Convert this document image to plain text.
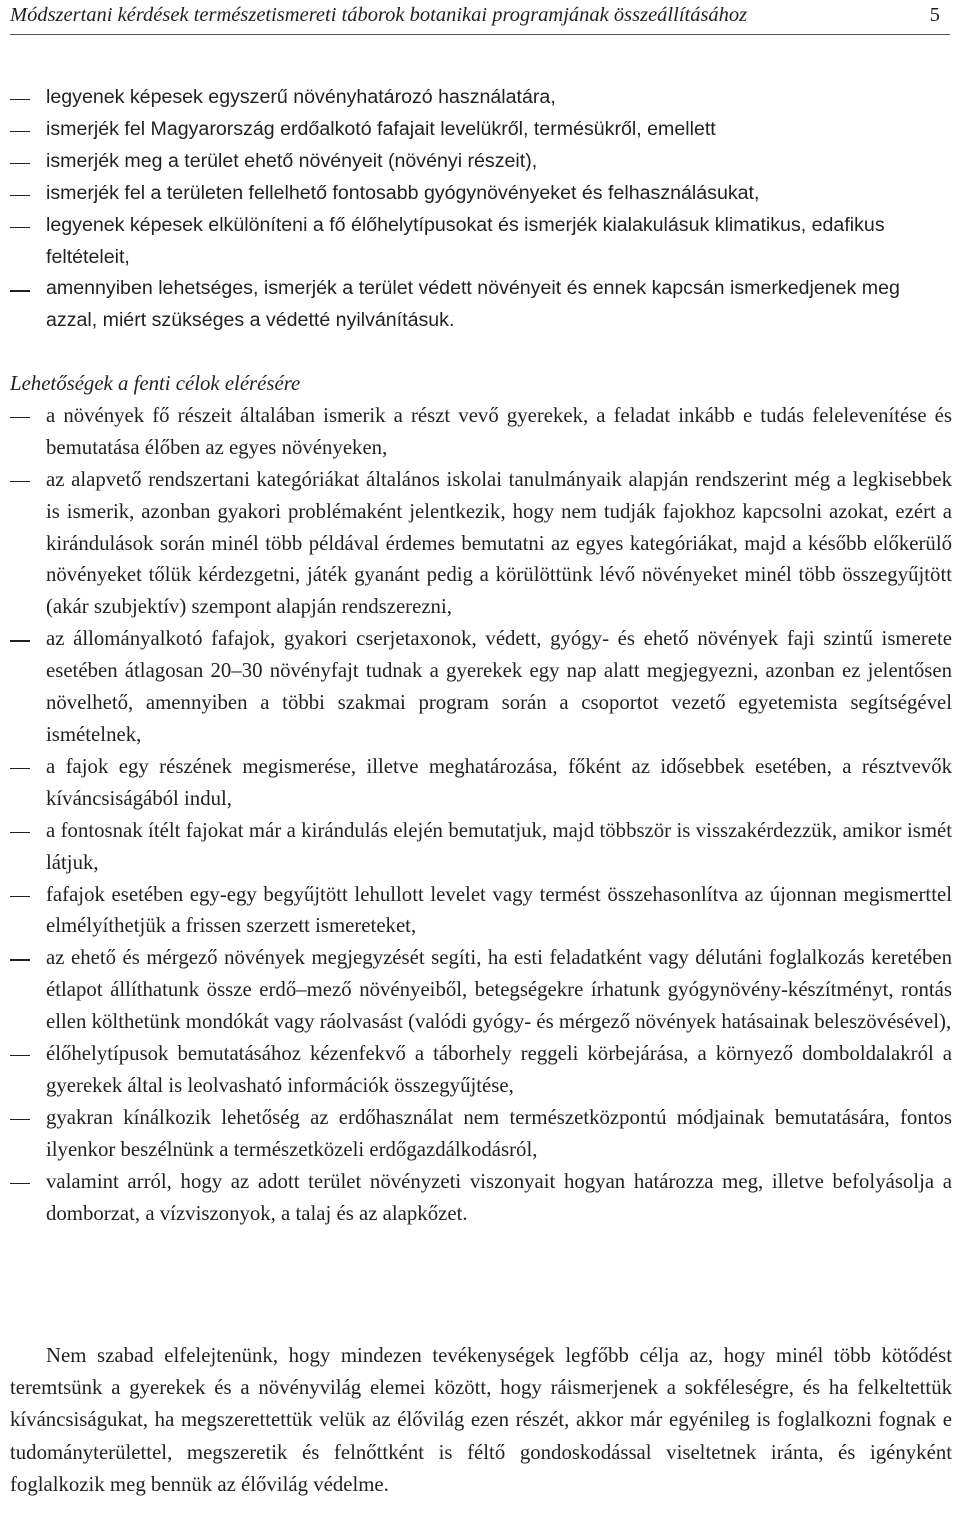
Módszertani kérdések természetismereti táborok botanikai programjának összeállításához	5
legyenek képesek egyszerű növényhatározó használatára,
ismerjék fel Magyarország erdőalkotó fafajait levelükről, termésükről, emellett
ismerjék meg a terület ehető növényeit (növényi részeit),
ismerjék fel a területen fellelhető fontosabb gyógynövényeket és felhasználásukat,
legyenek képesek elkülöníteni a fő élőhelytípusokat és ismerjék kialakulásuk klimatikus, edafikus feltételeit,
amennyiben lehetséges, ismerjék a terület védett növényeit és ennek kapcsán ismerkedjenek meg azzal, miért szükséges a védetté nyilvánításuk.
Lehetőségek a fenti célok elérésére
a növények fő részeit általában ismerik a részt vevő gyerekek, a feladat inkább e tudás felelevenítése és bemutatása élőben az egyes növényeken,
az alapvető rendszertani kategóriákat általános iskolai tanulmányaik alapján rendszerint még a legkisebbek is ismerik, azonban gyakori problémaként jelentkezik, hogy nem tudják fajokhoz kapcsolni azokat, ezért a kirándulások során minél több példával érdemes bemutatni az egyes kategóriákat, majd a később előkerülő növényeket tőlük kérdezgetni, játék gyanánt pedig a körülöttünk lévő növényeket minél több összegyűjtött (akár szubjektív) szempont alapján rendszerezni,
az állományalkotó fafajok, gyakori cserjetaxonok, védett, gyógy- és ehető növények faji szintű ismerete esetében átlagosan 20–30 növényfajt tudnak a gyerekek egy nap alatt megjegyezni, azonban ez jelentősen növelhető, amennyiben a többi szakmai program során a csoportot vezető egyetemista segítségével ismételnek,
a fajok egy részének megismerése, illetve meghatározása, főként az idősebbek esetében, a résztvevők kíváncsiságából indul,
a fontosnak ítélt fajokat már a kirándulás elején bemutatjuk, majd többször is visszakérdezzük, amikor ismét látjuk,
fafajok esetében egy-egy begyűjtött lehullott levelet vagy termést összehasonlítva az újonnan megismerttel elmélyíthetjük a frissen szerzett ismereteket,
az ehető és mérgező növények megjegyzését segíti, ha esti feladatként vagy délutáni foglalkozás keretében étlapot állíthatunk össze erdő–mező növényeiből, betegségekre írhatunk gyógynövény-készítményt, rontás ellen költhetünk mondókát vagy ráolvasást (valódi gyógy- és mérgező növények hatásainak beleszövésével),
élőhelytípusok bemutatásához kézenfekvő a táborhely reggeli körbejárása, a környező domboldalakról a gyerekek által is leolvasható információk összegyűjtése,
gyakran kínálkozik lehetőség az erdőhasználat nem természetközpontú módjainak bemutatására, fontos ilyenkor beszélnünk a természetközeli erdőgazdálkodásról,
valamint arról, hogy az adott terület növényzeti viszonyait hogyan határozza meg, illetve befolyásolja a domborzat, a vízviszonyok, a talaj és az alapkőzet.

Nem szabad elfelejtenünk, hogy mindezen tevékenységek legfőbb célja az, hogy minél több kötődést teremtsünk a gyerekek és a növényvilág elemei között, hogy ráismerjenek a sokféleségre, és ha felkeltettük kíváncsiságukat, ha megszerettettük velük az élővilág ezen részét, akkor már egyénileg is foglalkozni fognak e tudományterülettel, megszeretik és felnőttként is féltő gondoskodással viseltetnek iránta, és igényként foglalkozik meg bennük az élővilág védelme.
